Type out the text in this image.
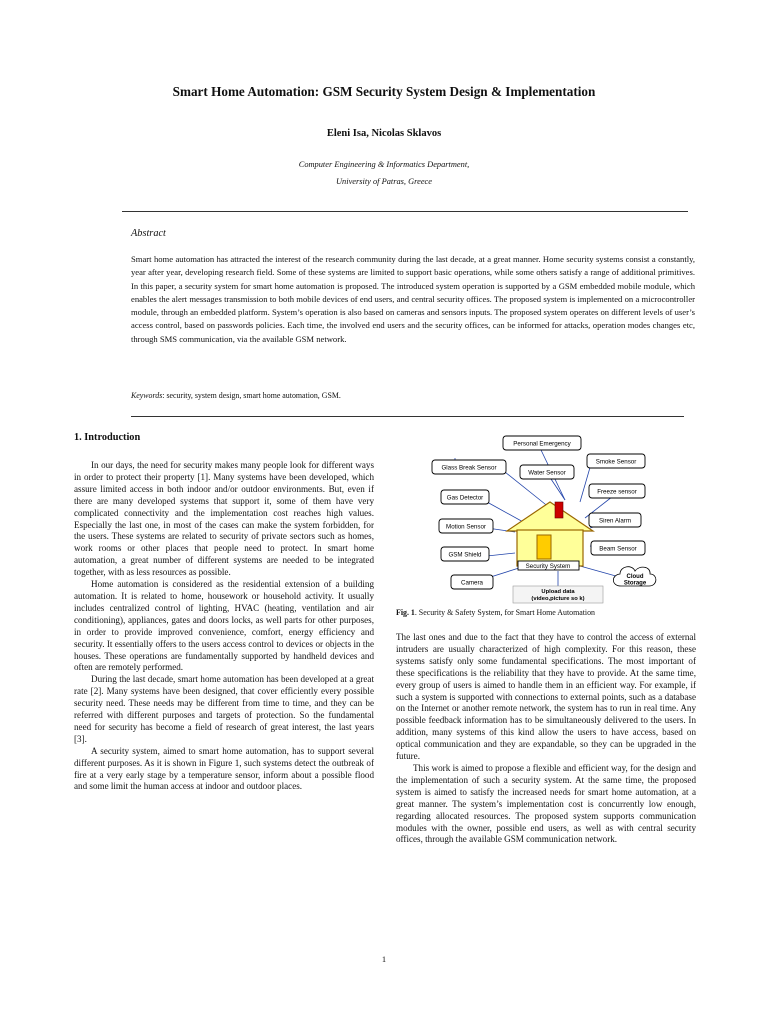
Smart Home Automation: GSM Security System Design & Implementation
Eleni Isa, Nicolas Sklavos
Computer Engineering & Informatics Department,
University of Patras, Greece
Abstract
Smart home automation has attracted the interest of the research community during the last decade, at a great manner. Home security systems consist a constantly, year after year, developing research field. Some of these systems are limited to support basic operations, while some others satisfy a range of additional primitives. In this paper, a security system for smart home automation is proposed. The introduced system operation is supported by a GSM embedded mobile module, which enables the alert messages transmission to both mobile devices of end users, and central security offices. The proposed system is implemented on a microcontroller module, through an embedded platform. System’s operation is also based on cameras and sensors inputs. The proposed system operates on different levels of user’s access control, based on passwords policies. Each time, the involved end users and the security offices, can be informed for attacks, operation modes changes etc, through SMS communication, via the available GSM network.
Keywords: security, system design, smart home automation, GSM.
1. Introduction

In our days, the need for security makes many people look for different ways in order to protect their property [1]. Many systems have been developed, which assure limited access in both indoor and/or outdoor environments. But, even if there are many developed systems that support it, some of them have very complicated connectivity and the implementation cost reaches high values. Especially the last one, in most of the cases can make the system forbidden, for the users. These systems are related to security of private sectors such as homes, work rooms or other places that people need to protect. In smart home automation, a great number of different systems are needed to be integrated together, with as less resources as possible.

Home automation is considered as the residential extension of a building automation. It is related to home, housework or household activity. It usually includes centralized control of lighting, HVAC (heating, ventilation and air conditioning), appliances, gates and doors locks, as well parts for other purposes, in order to provide improved convenience, comfort, energy efficiency and security. It essentially offers to the users access control to devices or objects in the houses. These operations are fundamentally supported by handheld devices and often are remotely performed.

During the last decade, smart home automation has been developed at a great rate [2]. Many systems have been designed, that cover efficiently every possible security need. These needs may be different from time to time, and they can be referred with different purposes and targets of protection. So the fundamental need for security has become a field of research of great interest, the last years [3].

A security system, aimed to smart home automation, has to support several different purposes. As it is shown in Figure 1, such systems detect the outbreak of fire at a very early stage by a temperature sensor, inform about a possible flood and some limit the human access at indoor and outdoor places.

Security System
Personal Emergency
Glass Break Sensor
Water Sensor
Smoke Sensor
Gas Detector
Freeze sensor
Motion Sensor
Siren Alarm
GSM Shield
Beam Sensor
Camera
Cloud
Storage
Upload data
(video,picture so k)
Fig. 1. Security & Safety System, for Smart Home Automation

The last ones and due to the fact that they have to control the access of external intruders are usually characterized of high complexity. For this reason, these systems satisfy only some fundamental specifications. The most important of these specifications is the reliability that they have to provide. At the same time, every group of users is aimed to handle them in an efficient way. For example, if such a system is supported with connections to external points, such as a database on the Internet or another remote network, the system has to run in real time. Any possible feedback information has to be simultaneously delivered to the users. In addition, many systems of this kind allow the users to have access, based on optical communication and they are expandable, so they can be upgraded in the future.

This work is aimed to propose a flexible and efficient way, for the design and the implementation of such a security system. At the same time, the proposed system is aimed to satisfy the increased needs for smart home automation, at a great manner. The system’s implementation cost is concurrently low enough, regarding allocated resources. The proposed system supports communication modules with the owner, possible end users, as well as with central security offices, through the available GSM communication network.

1
